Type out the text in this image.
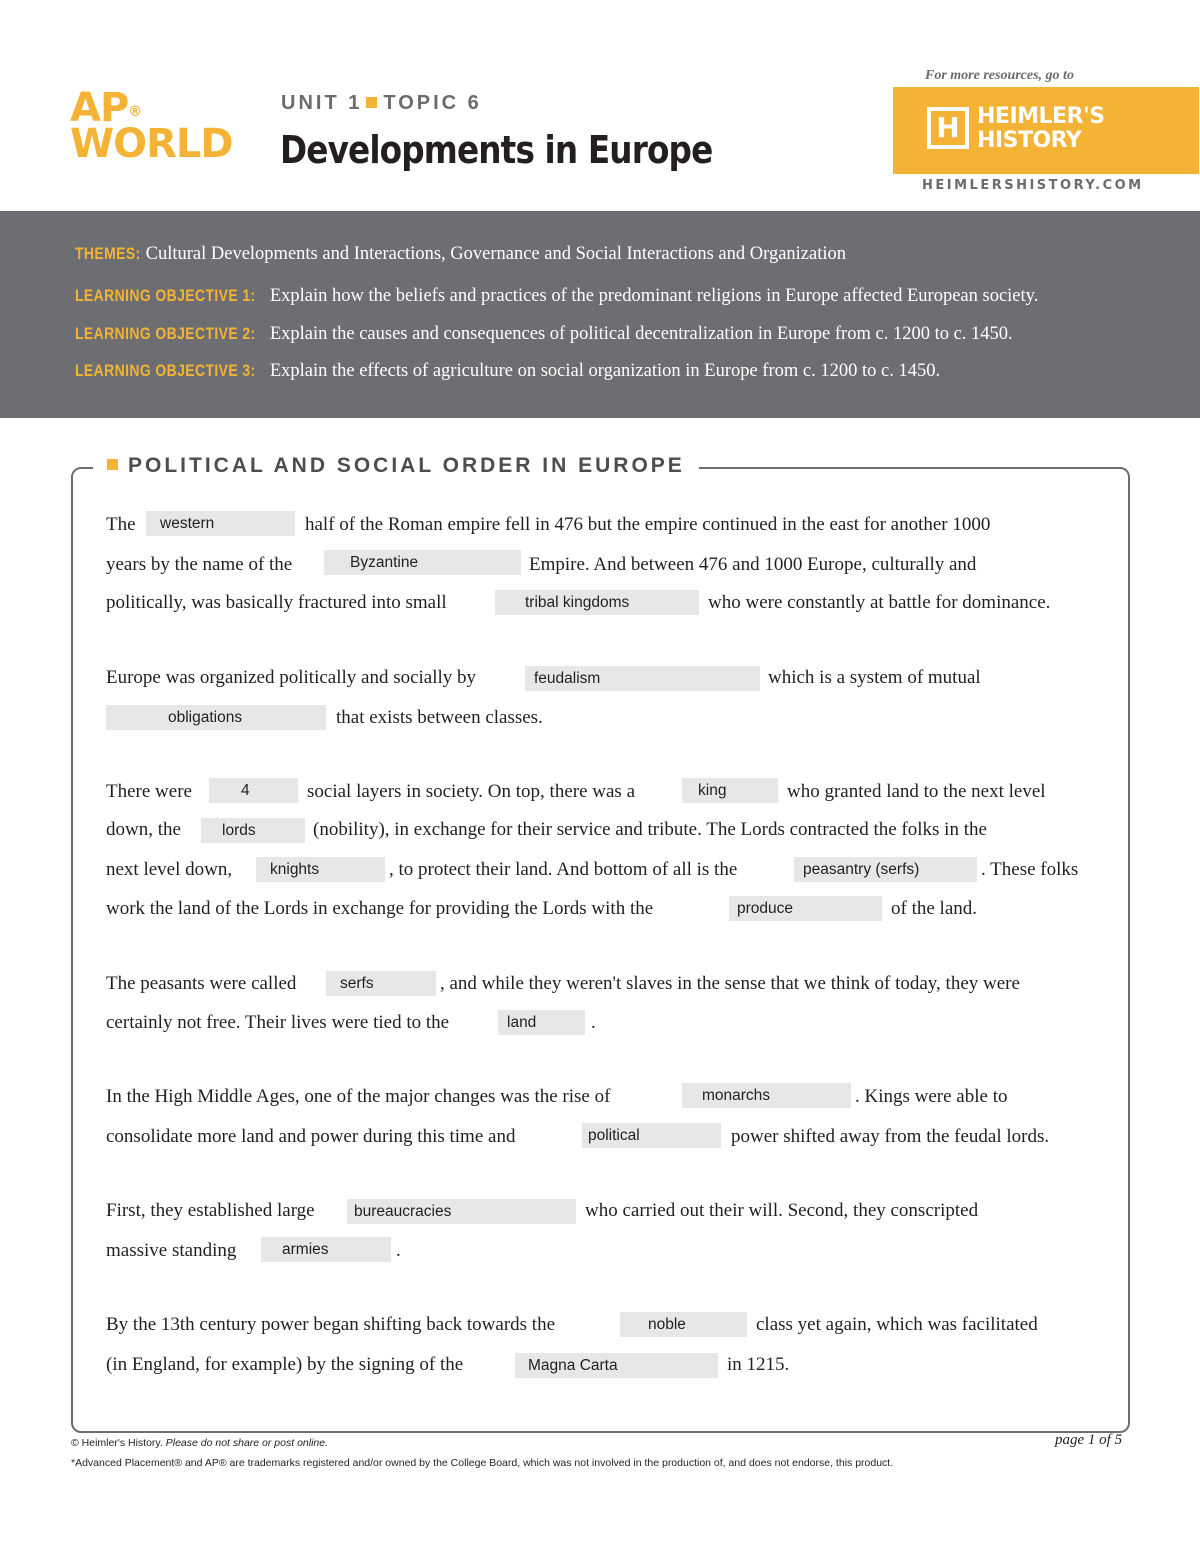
AP®
WORLD
UNIT 1 TOPIC 6
Developments in Europe
For more resources, go to
H HEIMLER'S
HISTORY
HEIMLERSHISTORY.COM
THEMES: Cultural Developments and Interactions, Governance and Social Interactions and Organization
LEARNING OBJECTIVE 1: Explain how the beliefs and practices of the predominant religions in Europe affected European society.
LEARNING OBJECTIVE 2: Explain the causes and consequences of political decentralization in Europe from c. 1200 to c. 1450.
LEARNING OBJECTIVE 3: Explain the effects of agriculture on social organization in Europe from c. 1200 to c. 1450.
POLITICAL AND SOCIAL ORDER IN EUROPE
The	western	half of the Roman empire fell in 476 but the empire continued in the east for another 1000
years by the name of the	Byzantine	Empire. And between 476 and 1000 Europe, culturally and
politically, was basically fractured into small	tribal kingdoms	who were constantly at battle for dominance.
Europe was organized politically and socially by	feudalism	which is a system of mutual
obligations	that exists between classes.
There were	4	social layers in society. On top, there was a	king	who granted land to the next level
down, the	lords	(nobility), in exchange for their service and tribute. The Lords contracted the folks in the
next level down,	knights	, to protect their land. And bottom of all is the	peasantry (serfs)	. These folks
work the land of the Lords in exchange for providing the Lords with the	produce	of the land.
The peasants were called	serfs	, and while they weren't slaves in the sense that we think of today, they were
certainly not free. Their lives were tied to the	land	.
In the High Middle Ages, one of the major changes was the rise of	monarchs	. Kings were able to
consolidate more land and power during this time and	political	power shifted away from the feudal lords.
First, they established large	bureaucracies	who carried out their will. Second, they conscripted
massive standing	armies	.
By the 13th century power began shifting back towards the	noble	class yet again, which was facilitated
(in England, for example) by the signing of the	Magna Carta	in 1215.
© Heimler's History. Please do not share or post online.
*Advanced Placement® and AP® are trademarks registered and/or owned by the College Board, which was not involved in the production of, and does not endorse, this product.
page 1 of 5
